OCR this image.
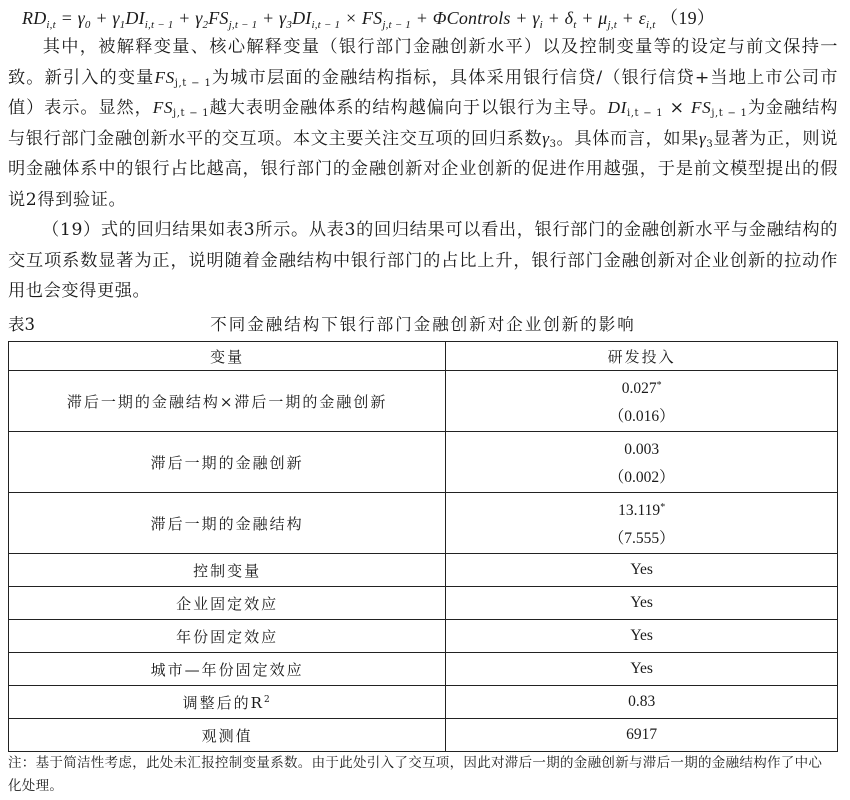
$RD_{i,t} = \gamma_0 + \gamma_1DI_{i,t - 1} + \gamma_2FS_{j,t - 1} + \gamma_3DI_{i,t - 1} \times FS_{j,t - 1}$ + ΦControls + $\gamma_i + \delta_t + \mu_{j,t} + \varepsilon_{i,t}$ （19）
其中，被解释变量、核心解释变量（银行部门金融创新水平）以及控制变量等的设定与前文保持一致。新引入的变量$FS_{j,t - 1}$为城市层面的金融结构指标，具体采用银行信贷/（银行信贷+当地上市公司市值）表示。显然，$FS_{j,t - 1}$越大表明金融体系的结构越偏向于以银行为主导。$DI_{i,t - 1} \times FS_{j,t - 1}$为金融结构与银行部门金融创新水平的交互项。本文主要关注交互项的回归系数$\gamma_3$。具体而言，如果$\gamma_3$显著为正，则说明金融体系中的银行占比越高，银行部门的金融创新对企业创新的促进作用越强，于是前文模型提出的假说2得到验证。
（19）式的回归结果如表3所示。从表3的回归结果可以看出，银行部门的金融创新水平与金融结构的交互项系数显著为正，说明随着金融结构中银行部门的占比上升，银行部门金融创新对企业创新的拉动作用也会变得更强。
表3	不同金融结构下银行部门金融创新对企业创新的影响
变量	研发投入
滞后一期的金融结构×滞后一期的金融创新	0.027*
（0.016）

滞后一期的金融创新	0.003
（0.002）

滞后一期的金融结构	13.119*
（7.555）

控制变量	Yes
企业固定效应	Yes
年份固定效应	Yes
城市—年份固定效应	Yes
调整后的$R^2$	0.83
观测值	6917
注：基于简洁性考虑，此处未汇报控制变量系数。由于此处引入了交互项，因此对滞后一期的金融创新与滞后一期的金融结构作了中心化处理。
